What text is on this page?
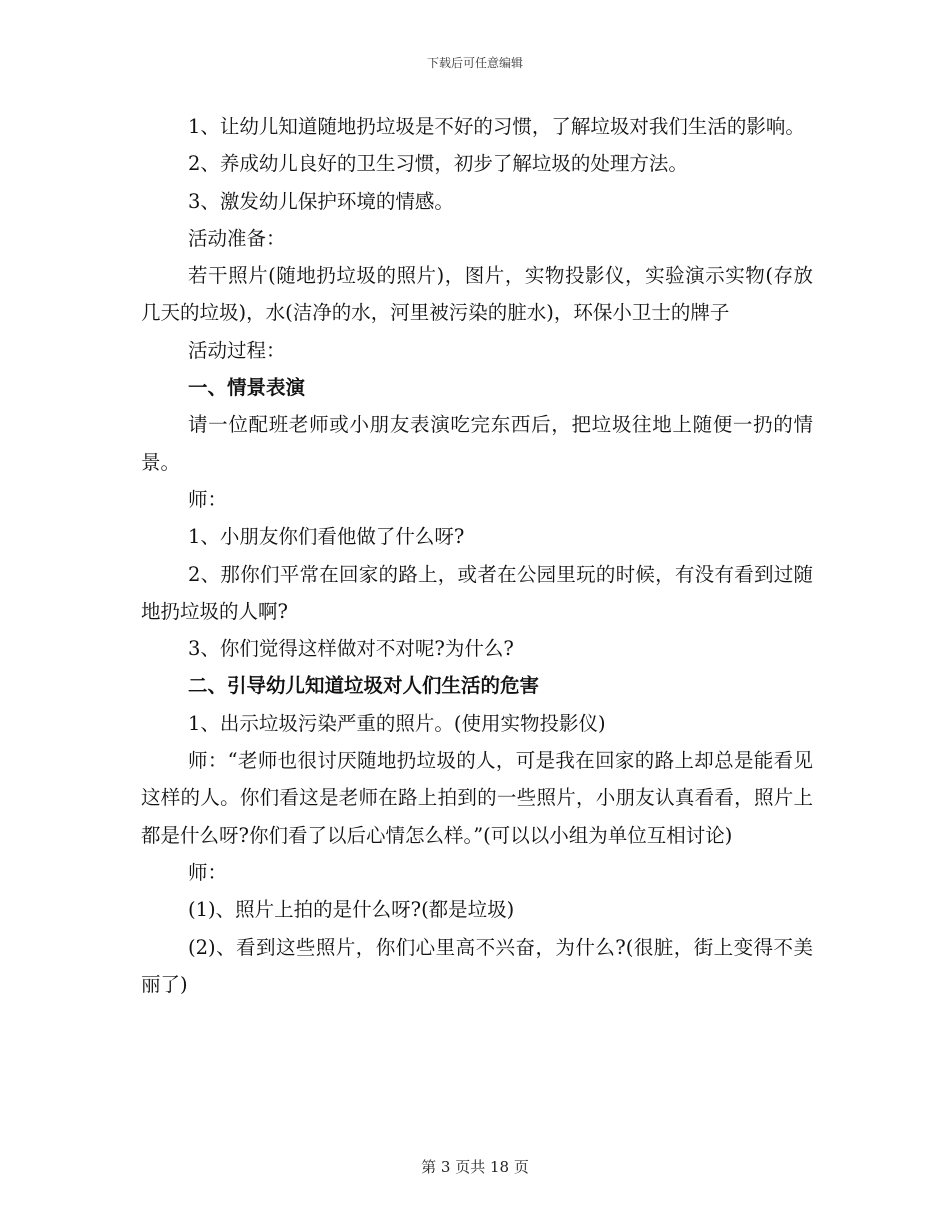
下载后可任意编辑

1、让幼儿知道随地扔垃圾是不好的习惯，了解垃圾对我们生活的影响。

2、养成幼儿良好的卫生习惯，初步了解垃圾的处理方法。

3、激发幼儿保护环境的情感。

活动准备：

若干照片(随地扔垃圾的照片)，图片，实物投影仪，实验演示实物(存放几天的垃圾)，水(洁净的水，河里被污染的脏水)，环保小卫士的牌子

活动过程：

一、情景表演

请一位配班老师或小朋友表演吃完东西后，把垃圾往地上随便一扔的情景。

师：

1、小朋友你们看他做了什么呀?

2、那你们平常在回家的路上，或者在公园里玩的时候，有没有看到过随地扔垃圾的人啊?

3、你们觉得这样做对不对呢?为什么?

二、引导幼儿知道垃圾对人们生活的危害

1、出示垃圾污染严重的照片。(使用实物投影仪)

师：“老师也很讨厌随地扔垃圾的人，可是我在回家的路上却总是能看见这样的人。你们看这是老师在路上拍到的一些照片，小朋友认真看看，照片上都是什么呀?你们看了以后心情怎么样。”(可以以小组为单位互相讨论)

师：

(1)、照片上拍的是什么呀?(都是垃圾)

(2)、看到这些照片，你们心里高不兴奋，为什么?(很脏，街上变得不美丽了)

第 3 页共 18 页
